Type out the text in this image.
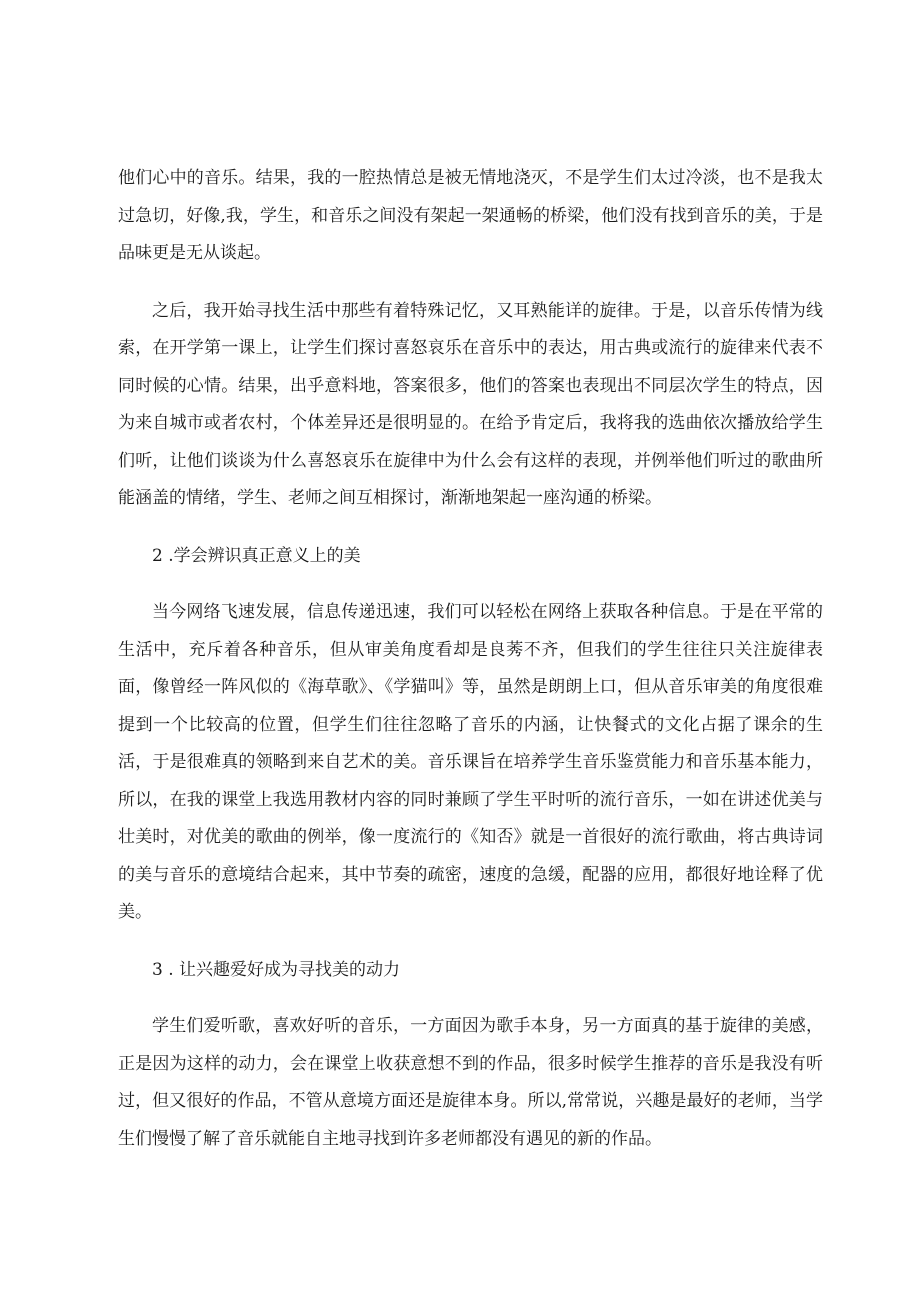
他们心中的音乐。结果，我的一腔热情总是被无情地浇灭，不是学生们太过冷淡，也不是我太过急切，好像,我，学生，和音乐之间没有架起一架通畅的桥梁，他们没有找到音乐的美，于是品味更是无从谈起。

之后，我开始寻找生活中那些有着特殊记忆，又耳熟能详的旋律。于是，以音乐传情为线索，在开学第一课上，让学生们探讨喜怒哀乐在音乐中的表达，用古典或流行的旋律来代表不同时候的心情。结果，出乎意料地，答案很多，他们的答案也表现出不同层次学生的特点，因为来自城市或者农村，个体差异还是很明显的。在给予肯定后，我将我的选曲依次播放给学生们听，让他们谈谈为什么喜怒哀乐在旋律中为什么会有这样的表现，并例举他们听过的歌曲所能涵盖的情绪，学生、老师之间互相探讨，渐渐地架起一座沟通的桥梁。

2 .学会辨识真正意义上的美

当今网络飞速发展，信息传递迅速，我们可以轻松在网络上获取各种信息。于是在平常的生活中，充斥着各种音乐，但从审美角度看却是良莠不齐，但我们的学生往往只关注旋律表面，像曾经一阵风似的《海草歌》、《学猫叫》等，虽然是朗朗上口，但从音乐审美的角度很难提到一个比较高的位置，但学生们往往忽略了音乐的内涵，让快餐式的文化占据了课余的生活，于是很难真的领略到来自艺术的美。音乐课旨在培养学生音乐鉴赏能力和音乐基本能力，所以，在我的课堂上我选用教材内容的同时兼顾了学生平时听的流行音乐，一如在讲述优美与壮美时，对优美的歌曲的例举，像一度流行的《知否》就是一首很好的流行歌曲，将古典诗词的美与音乐的意境结合起来，其中节奏的疏密，速度的急缓，配器的应用，都很好地诠释了优美。

3 . 让兴趣爱好成为寻找美的动力

学生们爱听歌，喜欢好听的音乐，一方面因为歌手本身，另一方面真的基于旋律的美感，正是因为这样的动力，会在课堂上收获意想不到的作品，很多时候学生推荐的音乐是我没有听过，但又很好的作品，不管从意境方面还是旋律本身。所以,常常说，兴趣是最好的老师，当学生们慢慢了解了音乐就能自主地寻找到许多老师都没有遇见的新的作品。
